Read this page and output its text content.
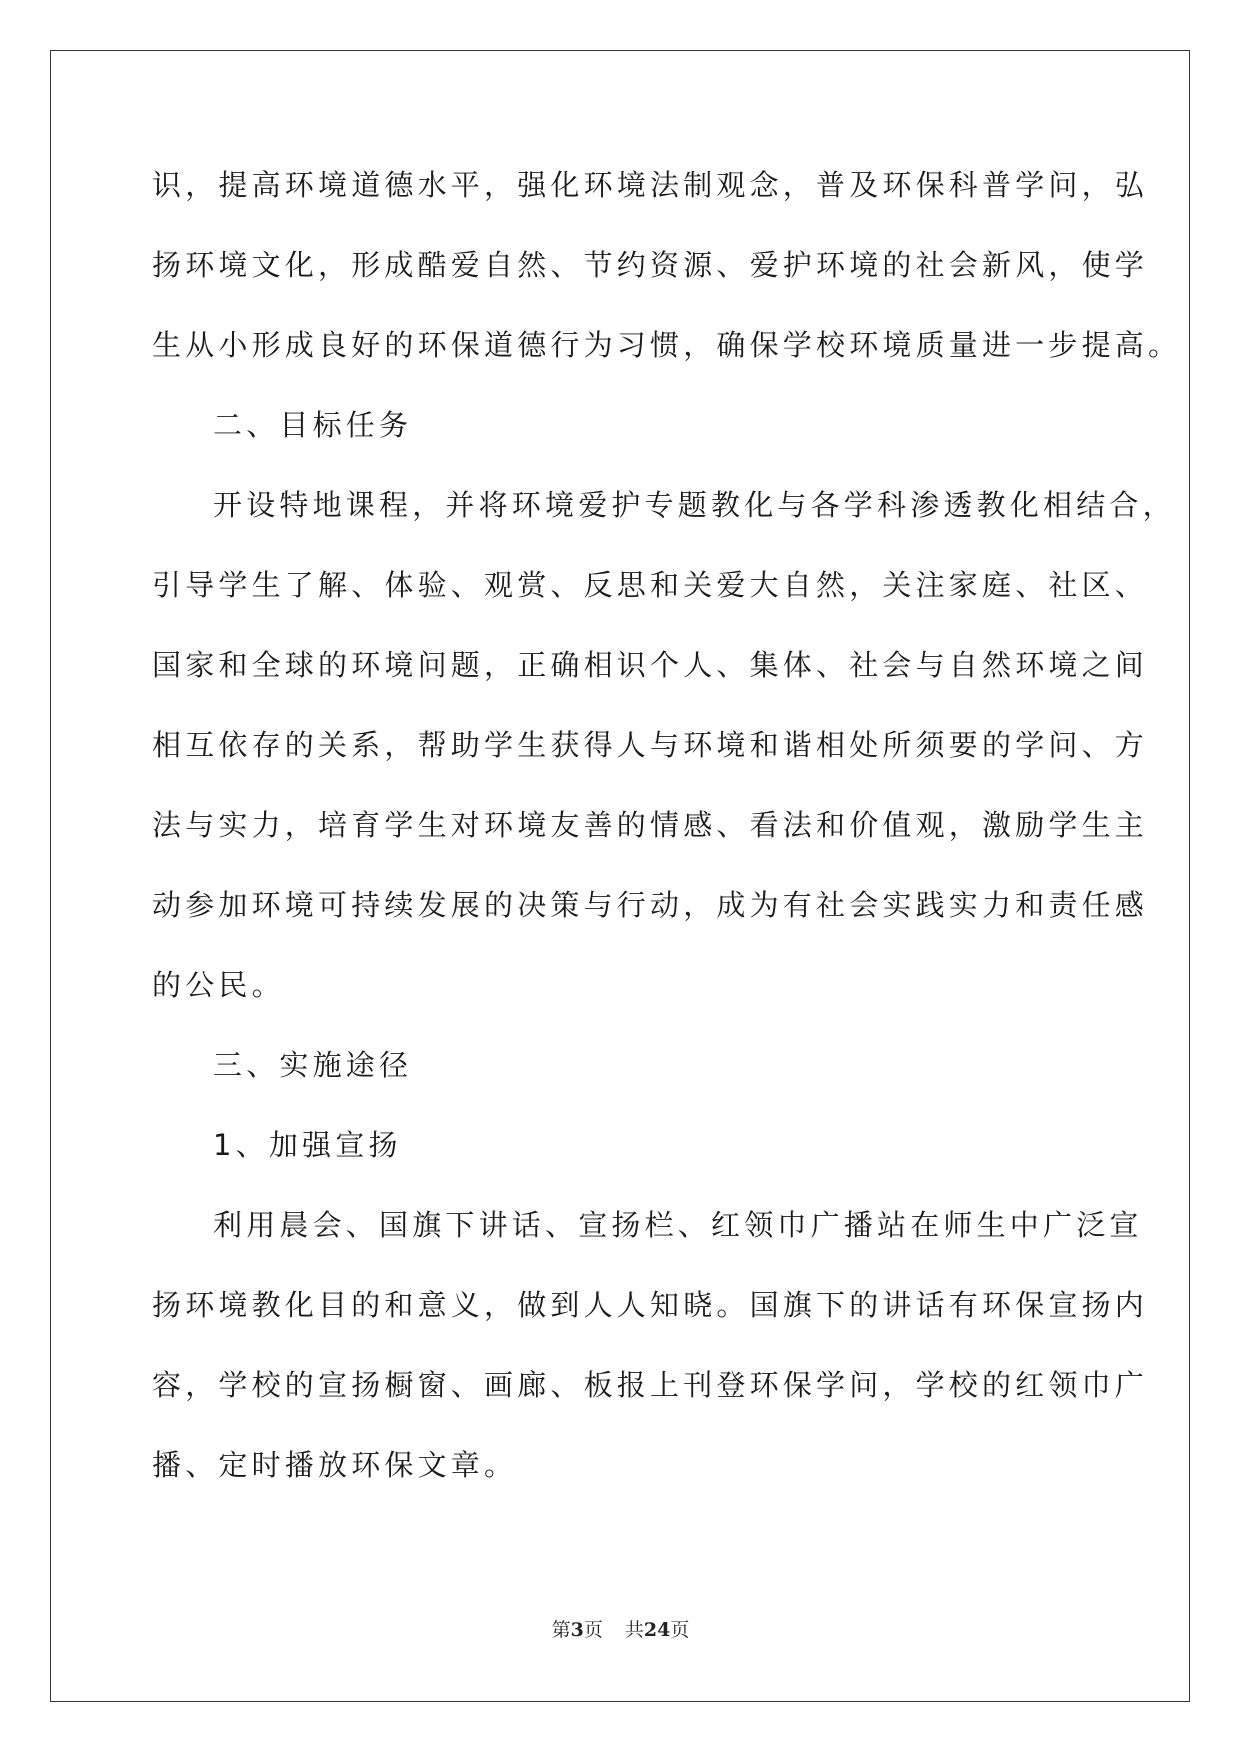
识，提高环境道德水平，强化环境法制观念，普及环保科普学问，弘
扬环境文化，形成酷爱自然、节约资源、爱护环境的社会新风，使学
生从小形成良好的环保道德行为习惯，确保学校环境质量进一步提高。
二、目标任务
开设特地课程，并将环境爱护专题教化与各学科渗透教化相结合，
引导学生了解、体验、观赏、反思和关爱大自然，关注家庭、社区、
国家和全球的环境问题，正确相识个人、集体、社会与自然环境之间
相互依存的关系，帮助学生获得人与环境和谐相处所须要的学问、方
法与实力，培育学生对环境友善的情感、看法和价值观，激励学生主
动参加环境可持续发展的决策与行动，成为有社会实践实力和责任感
的公民。
三、实施途径
1、加强宣扬
利用晨会、国旗下讲话、宣扬栏、红领巾广播站在师生中广泛宣
扬环境教化目的和意义，做到人人知晓。国旗下的讲话有环保宣扬内
容，学校的宣扬橱窗、画廊、板报上刊登环保学问，学校的红领巾广
播、定时播放环保文章。
第3页 共24页
